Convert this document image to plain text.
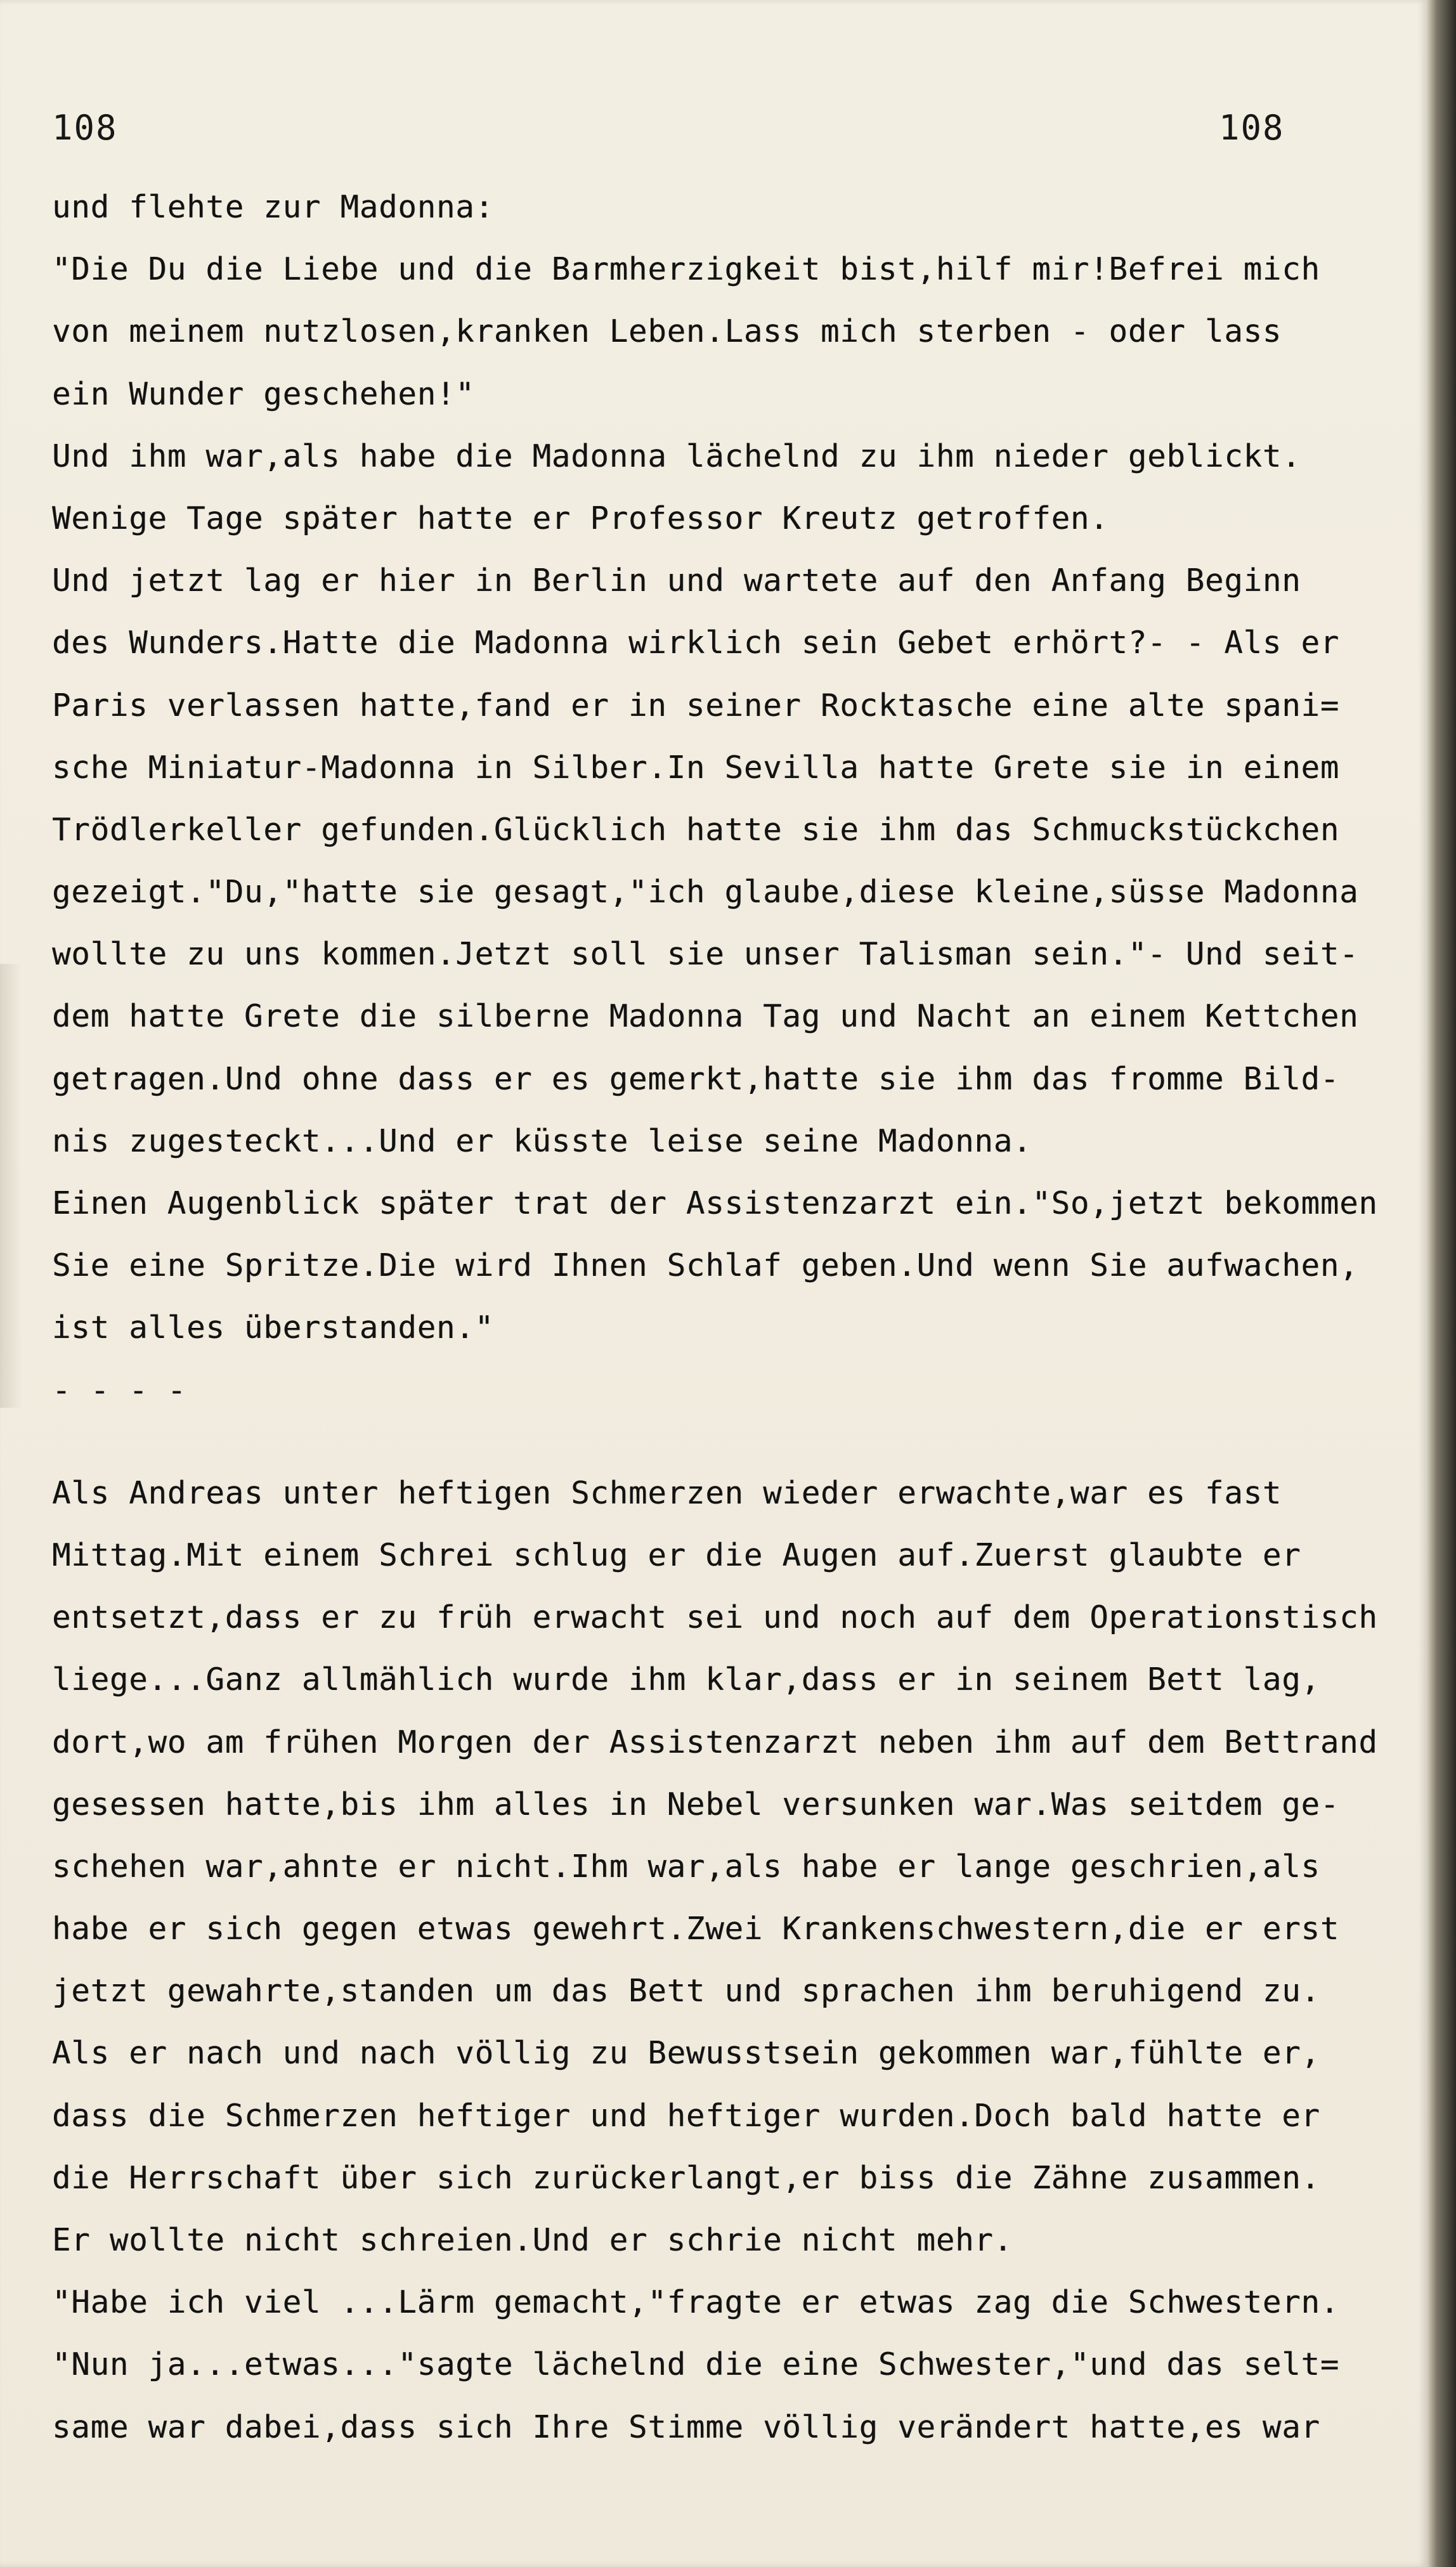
108	108
und flehte zur Madonna:
"Die Du die Liebe und die Barmherzigkeit bist,hilf mir!Befrei mich
von meinem nutzlosen,kranken Leben.Lass mich sterben - oder lass
ein Wunder geschehen!"
Und ihm war,als habe die Madonna lächelnd zu ihm nieder geblickt.
Wenige Tage später hatte er Professor Kreutz getroffen.
Und jetzt lag er hier in Berlin und wartete auf den Anfang Beginn
des Wunders.Hatte die Madonna wirklich sein Gebet erhört?- - Als er
Paris verlassen hatte,fand er in seiner Rocktasche eine alte spani=
sche Miniatur-Madonna in Silber.In Sevilla hatte Grete sie in einem
Trödlerkeller gefunden.Glücklich hatte sie ihm das Schmuckstückchen
gezeigt."Du,"hatte sie gesagt,"ich glaube,diese kleine,süsse Madonna
wollte zu uns kommen.Jetzt soll sie unser Talisman sein."- Und seit-
dem hatte Grete die silberne Madonna Tag und Nacht an einem Kettchen
getragen.Und ohne dass er es gemerkt,hatte sie ihm das fromme Bild-
nis zugesteckt...Und er küsste leise seine Madonna.
Einen Augenblick später trat der Assistenzarzt ein."So,jetzt bekommen
Sie eine Spritze.Die wird Ihnen Schlaf geben.Und wenn Sie aufwachen,
ist alles überstanden."
- - - -
Als Andreas unter heftigen Schmerzen wieder erwachte,war es fast
Mittag.Mit einem Schrei schlug er die Augen auf.Zuerst glaubte er
entsetzt,dass er zu früh erwacht sei und noch auf dem Operationstisch
liege...Ganz allmählich wurde ihm klar,dass er in seinem Bett lag,
dort,wo am frühen Morgen der Assistenzarzt neben ihm auf dem Bettrand
gesessen hatte,bis ihm alles in Nebel versunken war.Was seitdem ge-
schehen war,ahnte er nicht.Ihm war,als habe er lange geschrien,als
habe er sich gegen etwas gewehrt.Zwei Krankenschwestern,die er erst
jetzt gewahrte,standen um das Bett und sprachen ihm beruhigend zu.
Als er nach und nach völlig zu Bewusstsein gekommen war,fühlte er,
dass die Schmerzen heftiger und heftiger wurden.Doch bald hatte er
die Herrschaft über sich zurückerlangt,er biss die Zähne zusammen.
Er wollte nicht schreien.Und er schrie nicht mehr.
"Habe ich viel ...Lärm gemacht,"fragte er etwas zag die Schwestern.
"Nun ja...etwas..."sagte lächelnd die eine Schwester,"und das selt=
same war dabei,dass sich Ihre Stimme völlig verändert hatte,es war
